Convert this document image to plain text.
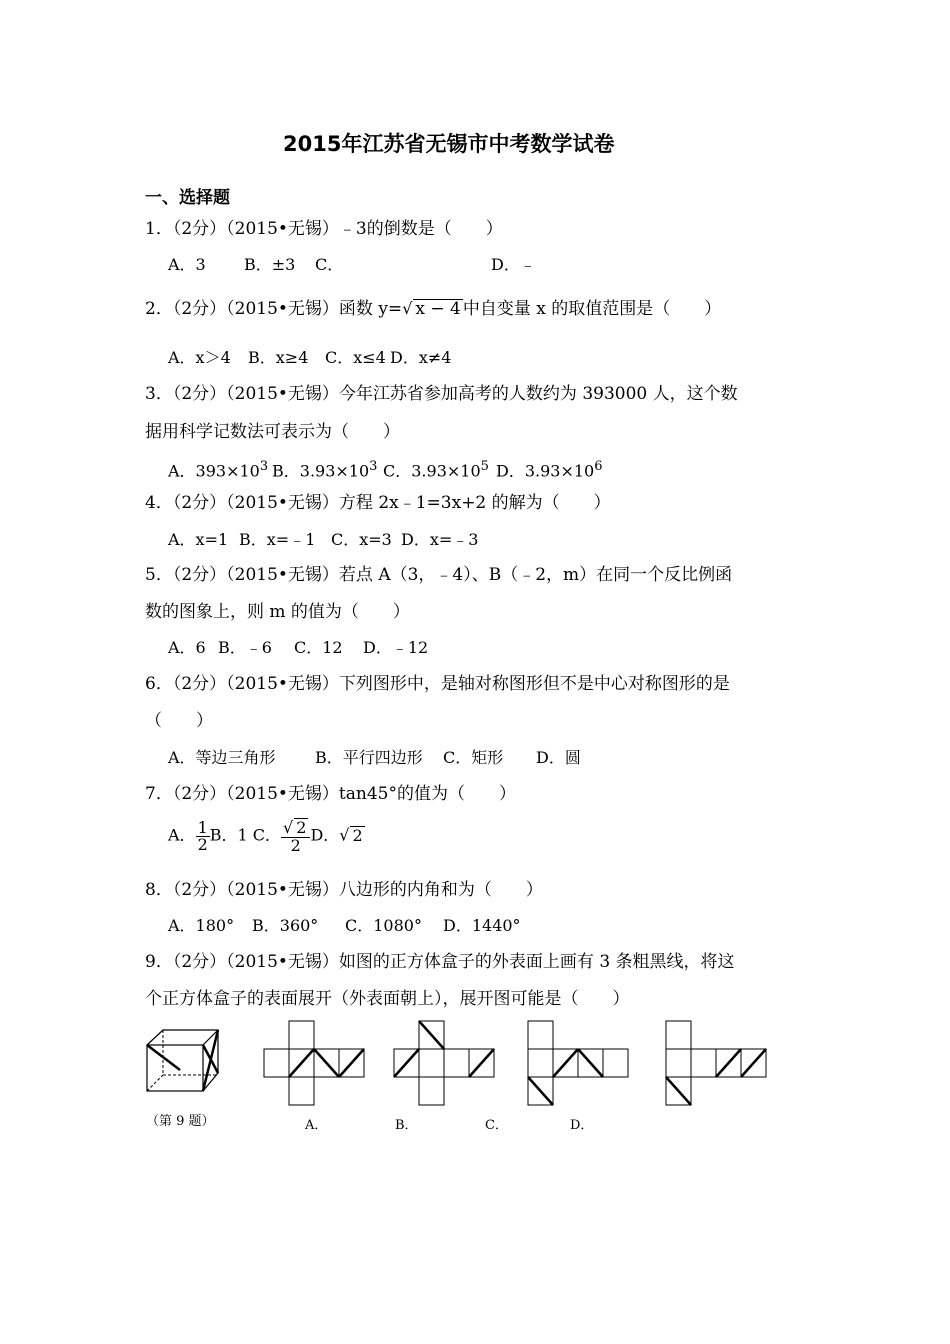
2015年江苏省无锡市中考数学试卷
一、选择题
1．（2分）（2015•无锡）﹣3的倒数是（　　）
A．3 B．±3 C．	D．﹣
2．（2分）（2015•无锡）函数 y=√ x − 4 中自变量 x 的取值范围是（　　）
A．x＞4 B．x≥4 C．x≤4 D．x≠4
3．（2分）（2015•无锡）今年江苏省参加高考的人数约为 393000 人，这个数
据用科学记数法可表示为（　　）
A．$393\times 10^3$ B．$3.93\times 10^3$ C．$3.93\times 10^5$ D．$3.93\times 10^6$
4．（2分）（2015•无锡）方程 2x﹣1=3x+2 的解为（　　）
A．x=1 B．x=﹣1 C．x=3 D．x=﹣3
5．（2分）（2015•无锡）若点 A（3，﹣4）、B（﹣2，m）在同一个反比例函
数的图象上，则 m 的值为（　　）
A．6 B．﹣6 C．12 D．﹣12
6．（2分）（2015•无锡）下列图形中，是轴对称图形但不是中心对称图形的是
（　　）
A．等边三角形 B．平行四边形 C．矩形 D．圆
7．（2分）（2015•无锡）tan45°的值为（　　）
A． $\frac{1}{2}$ B．1 C． $\frac{√ 2}{2}$ D．√ 2
8．（2分）（2015•无锡）八边形的内角和为（　　）
A．180° B．360° C．1080° D．1440°
9．（2分）（2015•无锡）如图的正方体盒子的外表面上画有 3 条粗黑线，将这
个正方体盒子的表面展开（外表面朝上），展开图可能是（　　）
（第 9 题）	A．	B．	C．	D．
